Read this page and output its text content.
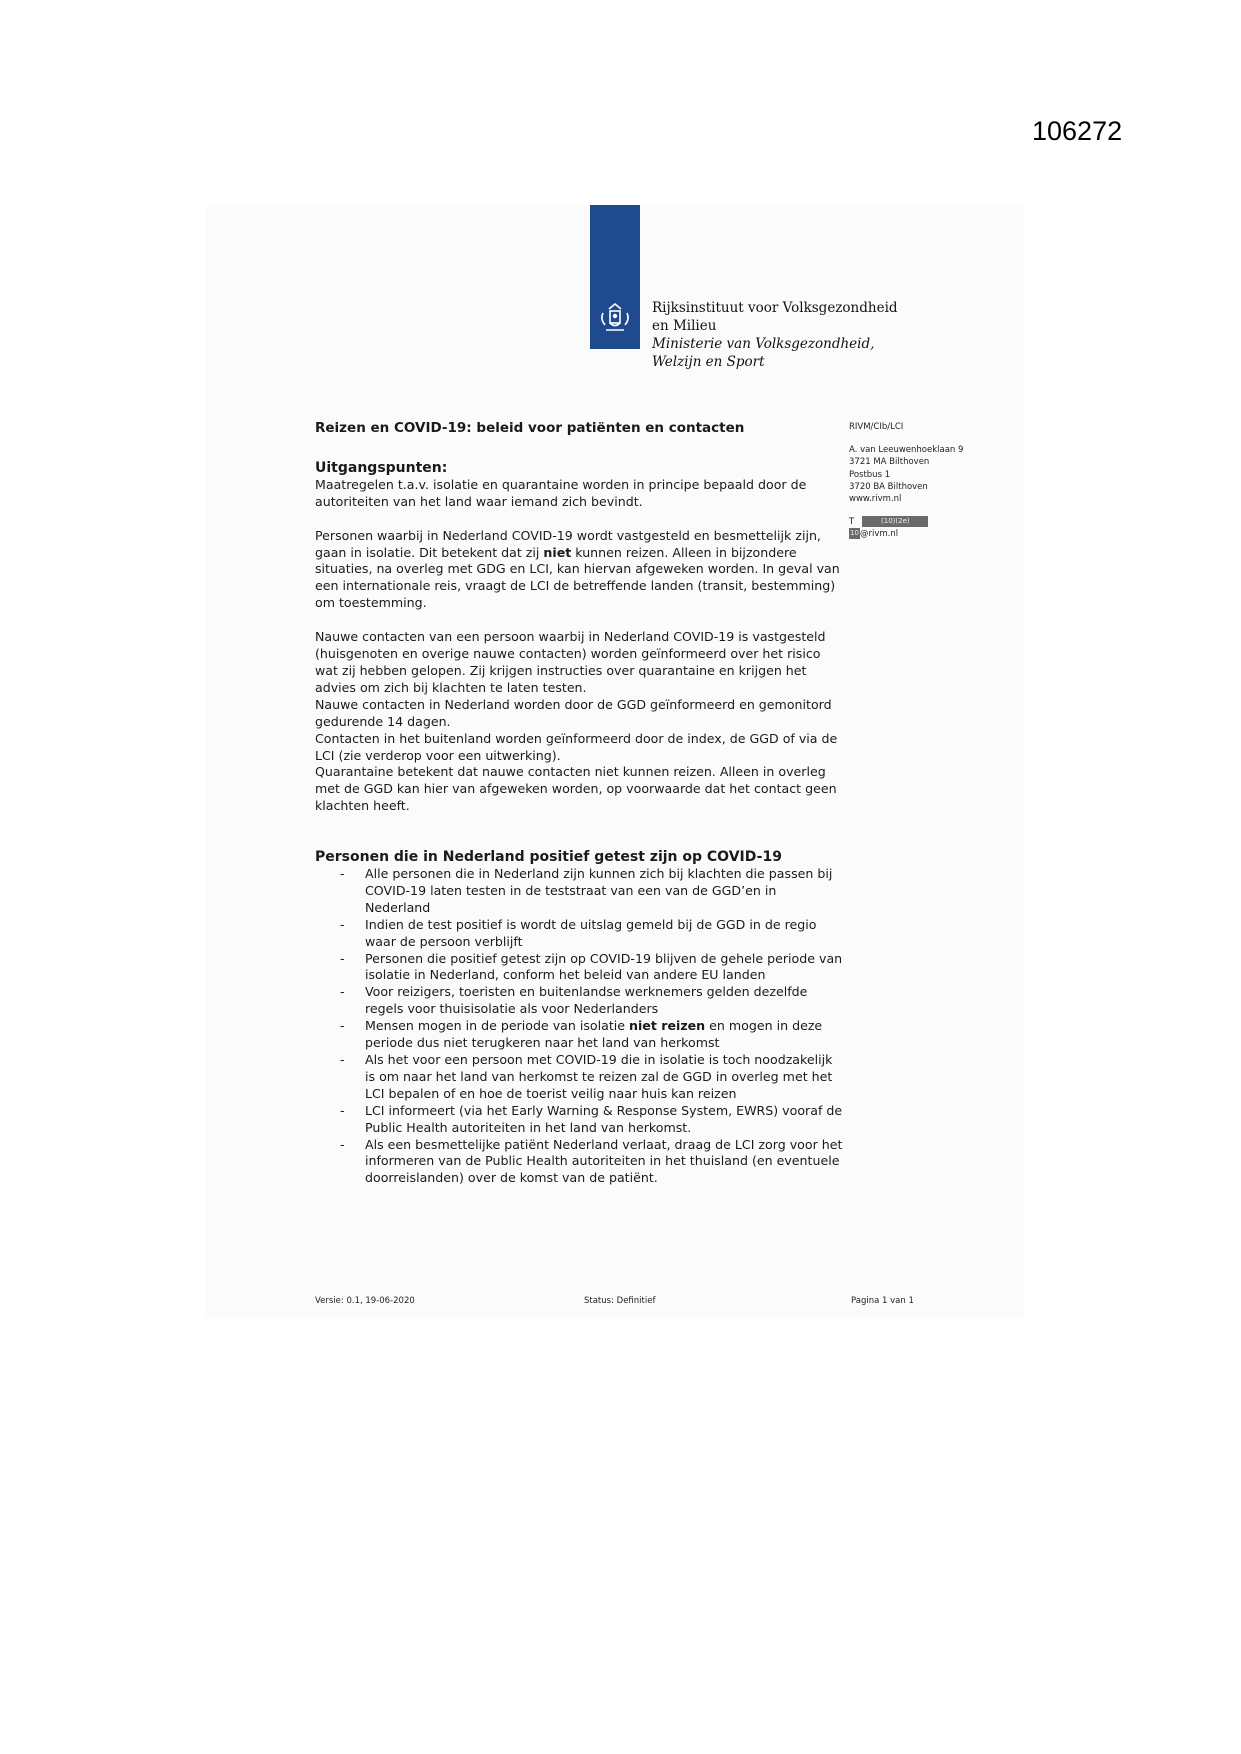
106272
Rijksinstituut voor Volksgezondheid
en Milieu
Ministerie van Volksgezondheid,
Welzijn en Sport
RIVM/CIb/LCI
A. van Leeuwenhoeklaan 9
3721 MA Bilthoven
Postbus 1
3720 BA Bilthoven
www.rivm.nl
T	(10)(2e)
10@rivm.nl
Reizen en COVID-19: beleid voor patiënten en contacten
Uitgangspunten:

Maatregelen t.a.v. isolatie en quarantaine worden in principe bepaald door de autoriteiten van het land waar iemand zich bevindt.

Personen waarbij in Nederland COVID-19 wordt vastgesteld en besmettelijk zijn, gaan in isolatie. Dit betekent dat zij niet kunnen reizen. Alleen in bijzondere situaties, na overleg met GDG en LCI, kan hiervan afgeweken worden. In geval van een internationale reis, vraagt de LCI de betreffende landen (transit, bestemming) om toestemming.

Nauwe contacten van een persoon waarbij in Nederland COVID-19 is vastgesteld (huisgenoten en overige nauwe contacten) worden geïnformeerd over het risico wat zij hebben gelopen. Zij krijgen instructies over quarantaine en krijgen het advies om zich bij klachten te laten testen.

Nauwe contacten in Nederland worden door de GGD geïnformeerd en gemonitord gedurende 14 dagen.

Contacten in het buitenland worden geïnformeerd door de index, de GGD of via de LCI (zie verderop voor een uitwerking).

Quarantaine betekent dat nauwe contacten niet kunnen reizen. Alleen in overleg met de GGD kan hier van afgeweken worden, op voorwaarde dat het contact geen klachten heeft.

Personen die in Nederland positief getest zijn op COVID-19
- Alle personen die in Nederland zijn kunnen zich bij klachten die passen bij COVID-19 laten testen in de teststraat van een van de GGD’en in Nederland
- Indien de test positief is wordt de uitslag gemeld bij de GGD in de regio waar de persoon verblijft
- Personen die positief getest zijn op COVID-19 blijven de gehele periode van isolatie in Nederland, conform het beleid van andere EU landen
- Voor reizigers, toeristen en buitenlandse werknemers gelden dezelfde regels voor thuisisolatie als voor Nederlanders
- Mensen mogen in de periode van isolatie niet reizen en mogen in deze periode dus niet terugkeren naar het land van herkomst
- Als het voor een persoon met COVID-19 die in isolatie is toch noodzakelijk is om naar het land van herkomst te reizen zal de GGD in overleg met het LCI bepalen of en hoe de toerist veilig naar huis kan reizen
- LCI informeert (via het Early Warning & Response System, EWRS) vooraf de Public Health autoriteiten in het land van herkomst.
- Als een besmettelijke patiënt Nederland verlaat, draag de LCI zorg voor het informeren van de Public Health autoriteiten in het thuisland (en eventuele doorreislanden) over de komst van de patiënt.
Versie: 0.1, 19-06-2020	Status: Definitief	Pagina 1 van 1
